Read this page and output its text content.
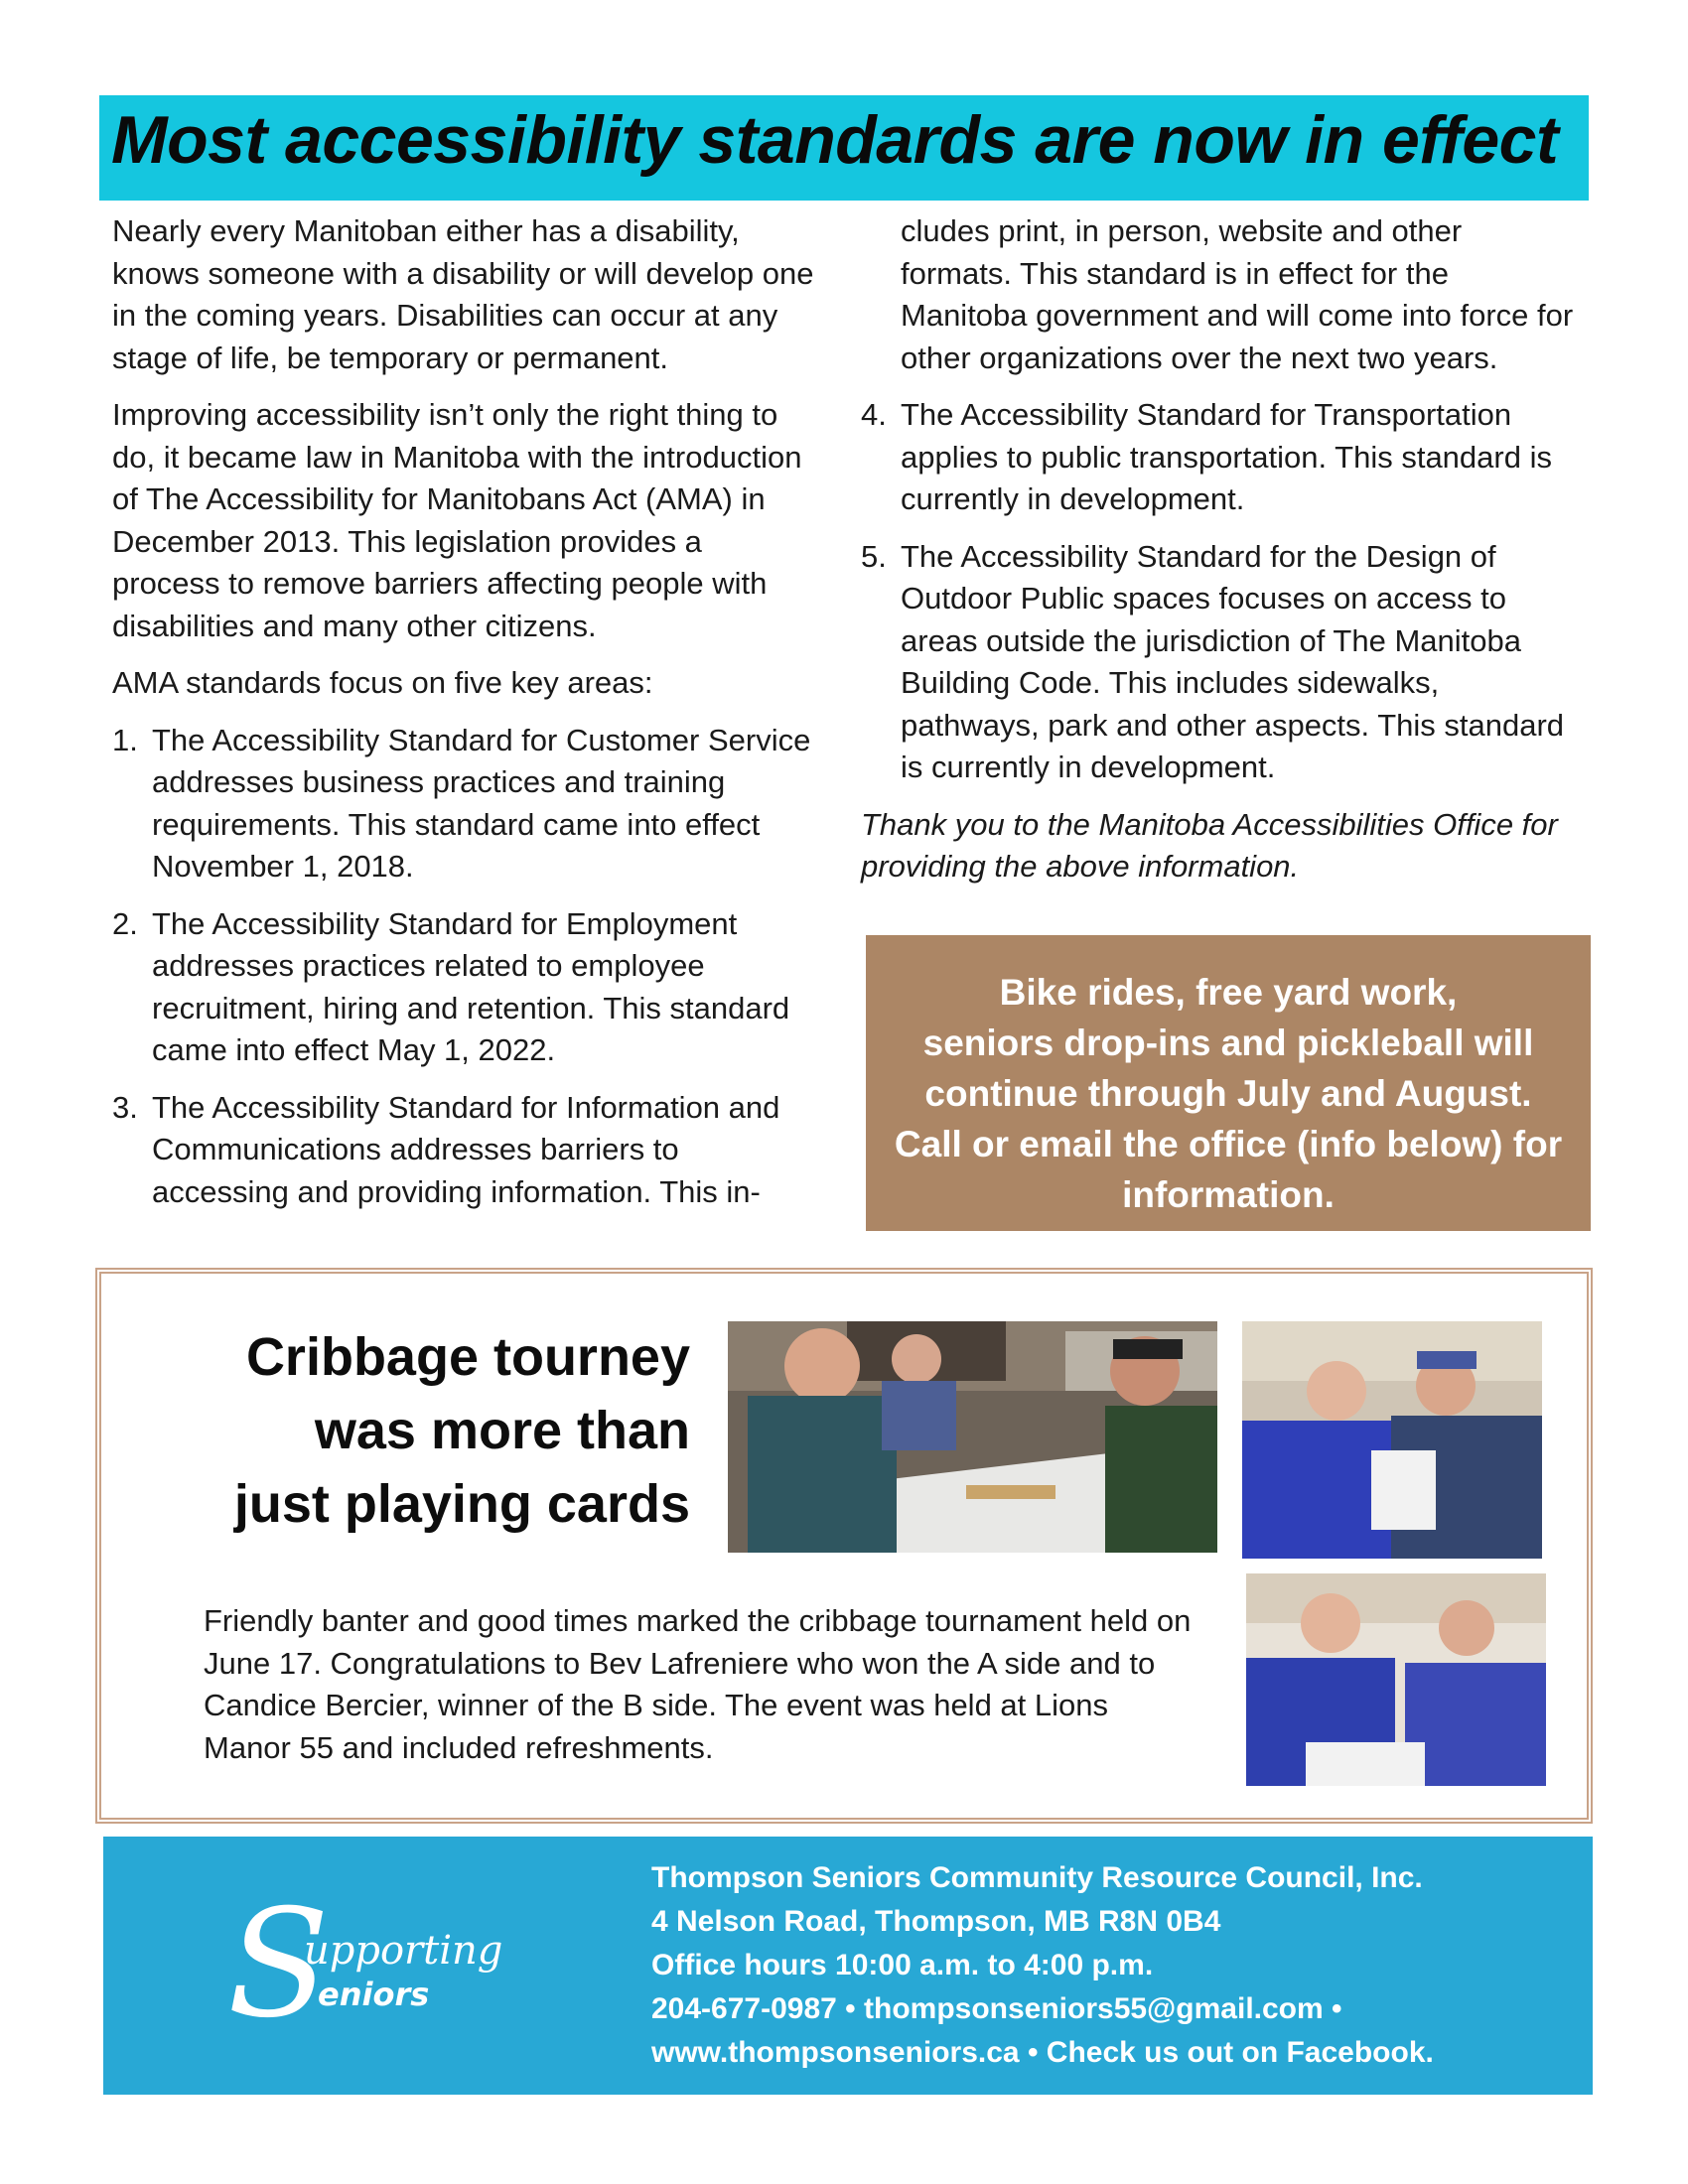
Most accessibility standards are now in effect

Nearly every Manitoban either has a disability, knows someone with a disability or will develop one in the coming years. Disabilities can occur at any stage of life, be temporary or permanent.

Improving accessibility isn’t only the right thing to do, it became law in Manitoba with the introduction of The Accessibility for Manitobans Act (AMA) in December 2013. This legislation provides a process to remove barriers affecting people with disabilities and many other citizens.

AMA standards focus on five key areas:

1. The Accessibility Standard for Customer Service addresses business practices and training requirements. This standard came into effect November 1, 2018.
2. The Accessibility Standard for Employment addresses practices related to employee recruitment, hiring and retention. This standard came into effect May 1, 2022.
3. The Accessibility Standard for Information and Communications addresses barriers to accessing and providing information. This in-
cludes print, in person, website and other formats. This standard is in effect for the Manitoba government and will come into force for other organizations over the next two years.
4. The Accessibility Standard for Transportation applies to public transportation. This standard is currently in development.
5. The Accessibility Standard for the Design of Outdoor Public spaces focuses on access to areas outside the jurisdiction of The Manitoba Building Code. This includes sidewalks, pathways, park and other aspects. This standard is currently in development.

Thank you to the Manitoba Accessibilities Office for providing the above information.

Bike rides, free yard work,
seniors drop-ins and pickleball will
continue through July and August.
Call or email the office (info below) for
information.
Cribbage tourney
was more than
just playing cards
Friendly banter and good times marked the cribbage tournament held on June 17. Congratulations to Bev Lafreniere who won the A side and to Candice Bercier, winner of the B side. The event was held at Lions Manor 55 and included refreshments.
S
upporting
eniors
Thompson Seniors Community Resource Council, Inc.
4 Nelson Road, Thompson, MB R8N 0B4
Office hours 10:00 a.m. to 4:00 p.m.
204-677-0987 • thompsonseniors55@gmail.com •
www.thompsonseniors.ca • Check us out on Facebook.
